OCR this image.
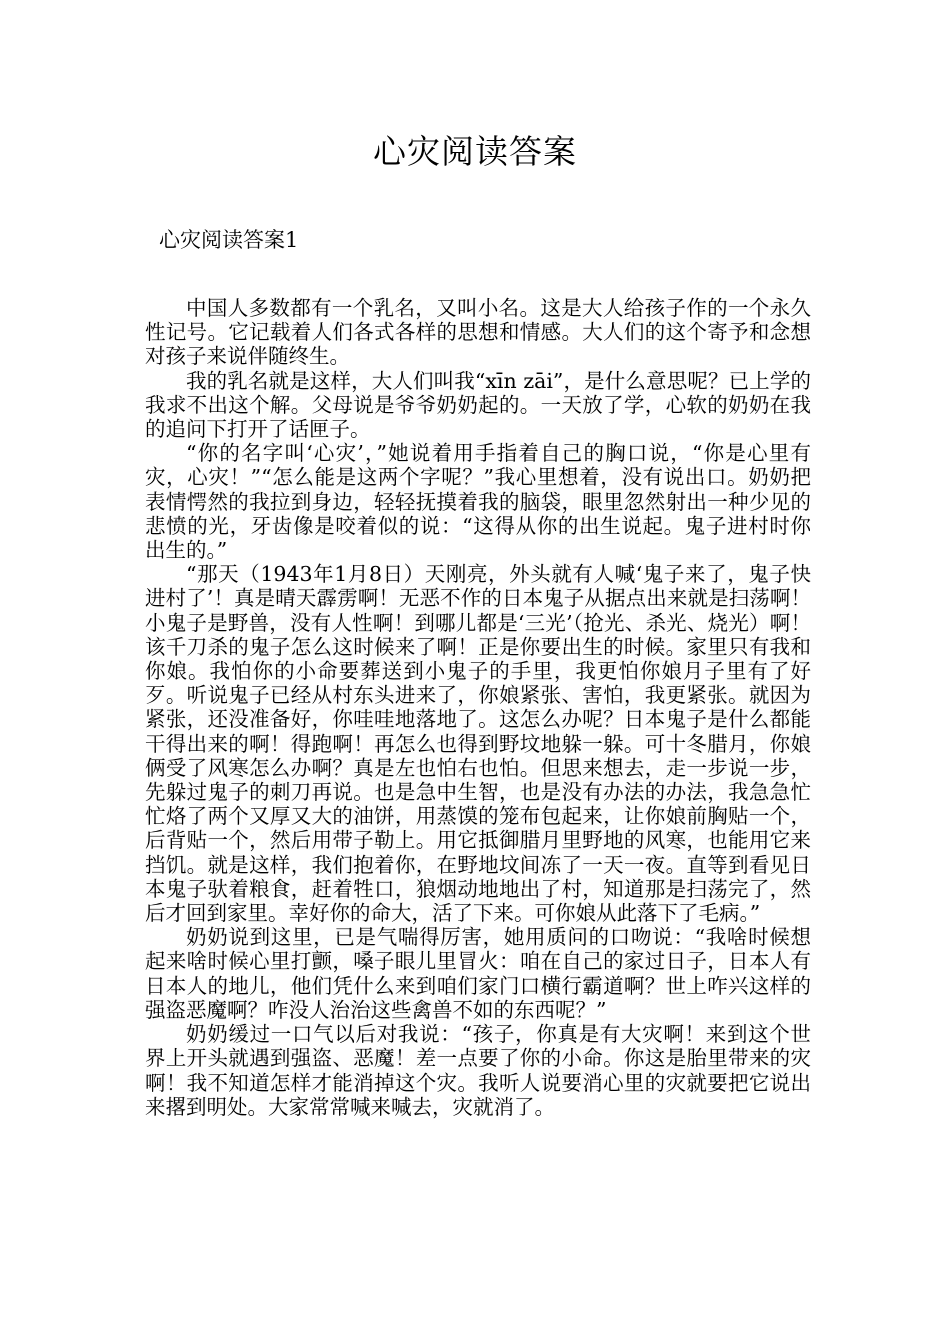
心灾阅读答案
心灾阅读答案1

中国人多数都有一个乳名，又叫小名。这是大人给孩子作的一个永久性记号。它记载着人们各式各样的思想和情感。大人们的这个寄予和念想对孩子来说伴随终生。

我的乳名就是这样，大人们叫我“xīn zāi”，是什么意思呢？已上学的我求不出这个解。父母说是爷爷奶奶起的。一天放了学，心软的奶奶在我的追问下打开了话匣子。

“你的名字叫‘心灾’，”她说着用手指着自己的胸口说，“你是心里有灾，心灾！”“怎么能是这两个字呢？”我心里想着，没有说出口。奶奶把表情愕然的我拉到身边，轻轻抚摸着我的脑袋，眼里忽然射出一种少见的悲愤的光，牙齿像是咬着似的说：“这得从你的出生说起。鬼子进村时你出生的。”

“那天（1943年1月8日）天刚亮，外头就有人喊‘鬼子来了，鬼子快进村了’！真是晴天霹雳啊！无恶不作的日本鬼子从据点出来就是扫荡啊！小鬼子是野兽，没有人性啊！到哪儿都是‘三光’（抢光、杀光、烧光）啊！该千刀杀的鬼子怎么这时候来了啊！正是你要出生的时候。家里只有我和你娘。我怕你的小命要葬送到小鬼子的手里，我更怕你娘月子里有了好歹。听说鬼子已经从村东头进来了，你娘紧张、害怕，我更紧张。就因为紧张，还没准备好，你哇哇地落地了。这怎么办呢？日本鬼子是什么都能干得出来的啊！得跑啊！再怎么也得到野坟地躲一躲。可十冬腊月，你娘俩受了风寒怎么办啊？真是左也怕右也怕。但思来想去，走一步说一步，先躲过鬼子的刺刀再说。也是急中生智，也是没有办法的办法，我急急忙忙烙了两个又厚又大的油饼，用蒸馍的笼布包起来，让你娘前胸贴一个，后背贴一个，然后用带子勒上。用它抵御腊月里野地的风寒，也能用它来挡饥。就是这样，我们抱着你，在野地坟间冻了一天一夜。直等到看见日本鬼子驮着粮食，赶着牲口，狼烟动地地出了村，知道那是扫荡完了，然后才回到家里。幸好你的命大，活了下来。可你娘从此落下了毛病。”

奶奶说到这里，已是气喘得厉害，她用质问的口吻说：“我啥时候想起来啥时候心里打颤，嗓子眼儿里冒火：咱在自己的家过日子，日本人有日本人的地儿，他们凭什么来到咱们家门口横行霸道啊？世上咋兴这样的强盗恶魔啊？咋没人治治这些禽兽不如的东西呢？”

奶奶缓过一口气以后对我说：“孩子，你真是有大灾啊！来到这个世界上开头就遇到强盗、恶魔！差一点要了你的小命。你这是胎里带来的灾啊！我不知道怎样才能消掉这个灾。我听人说要消心里的灾就要把它说出来撂到明处。大家常常喊来喊去，灾就消了。
